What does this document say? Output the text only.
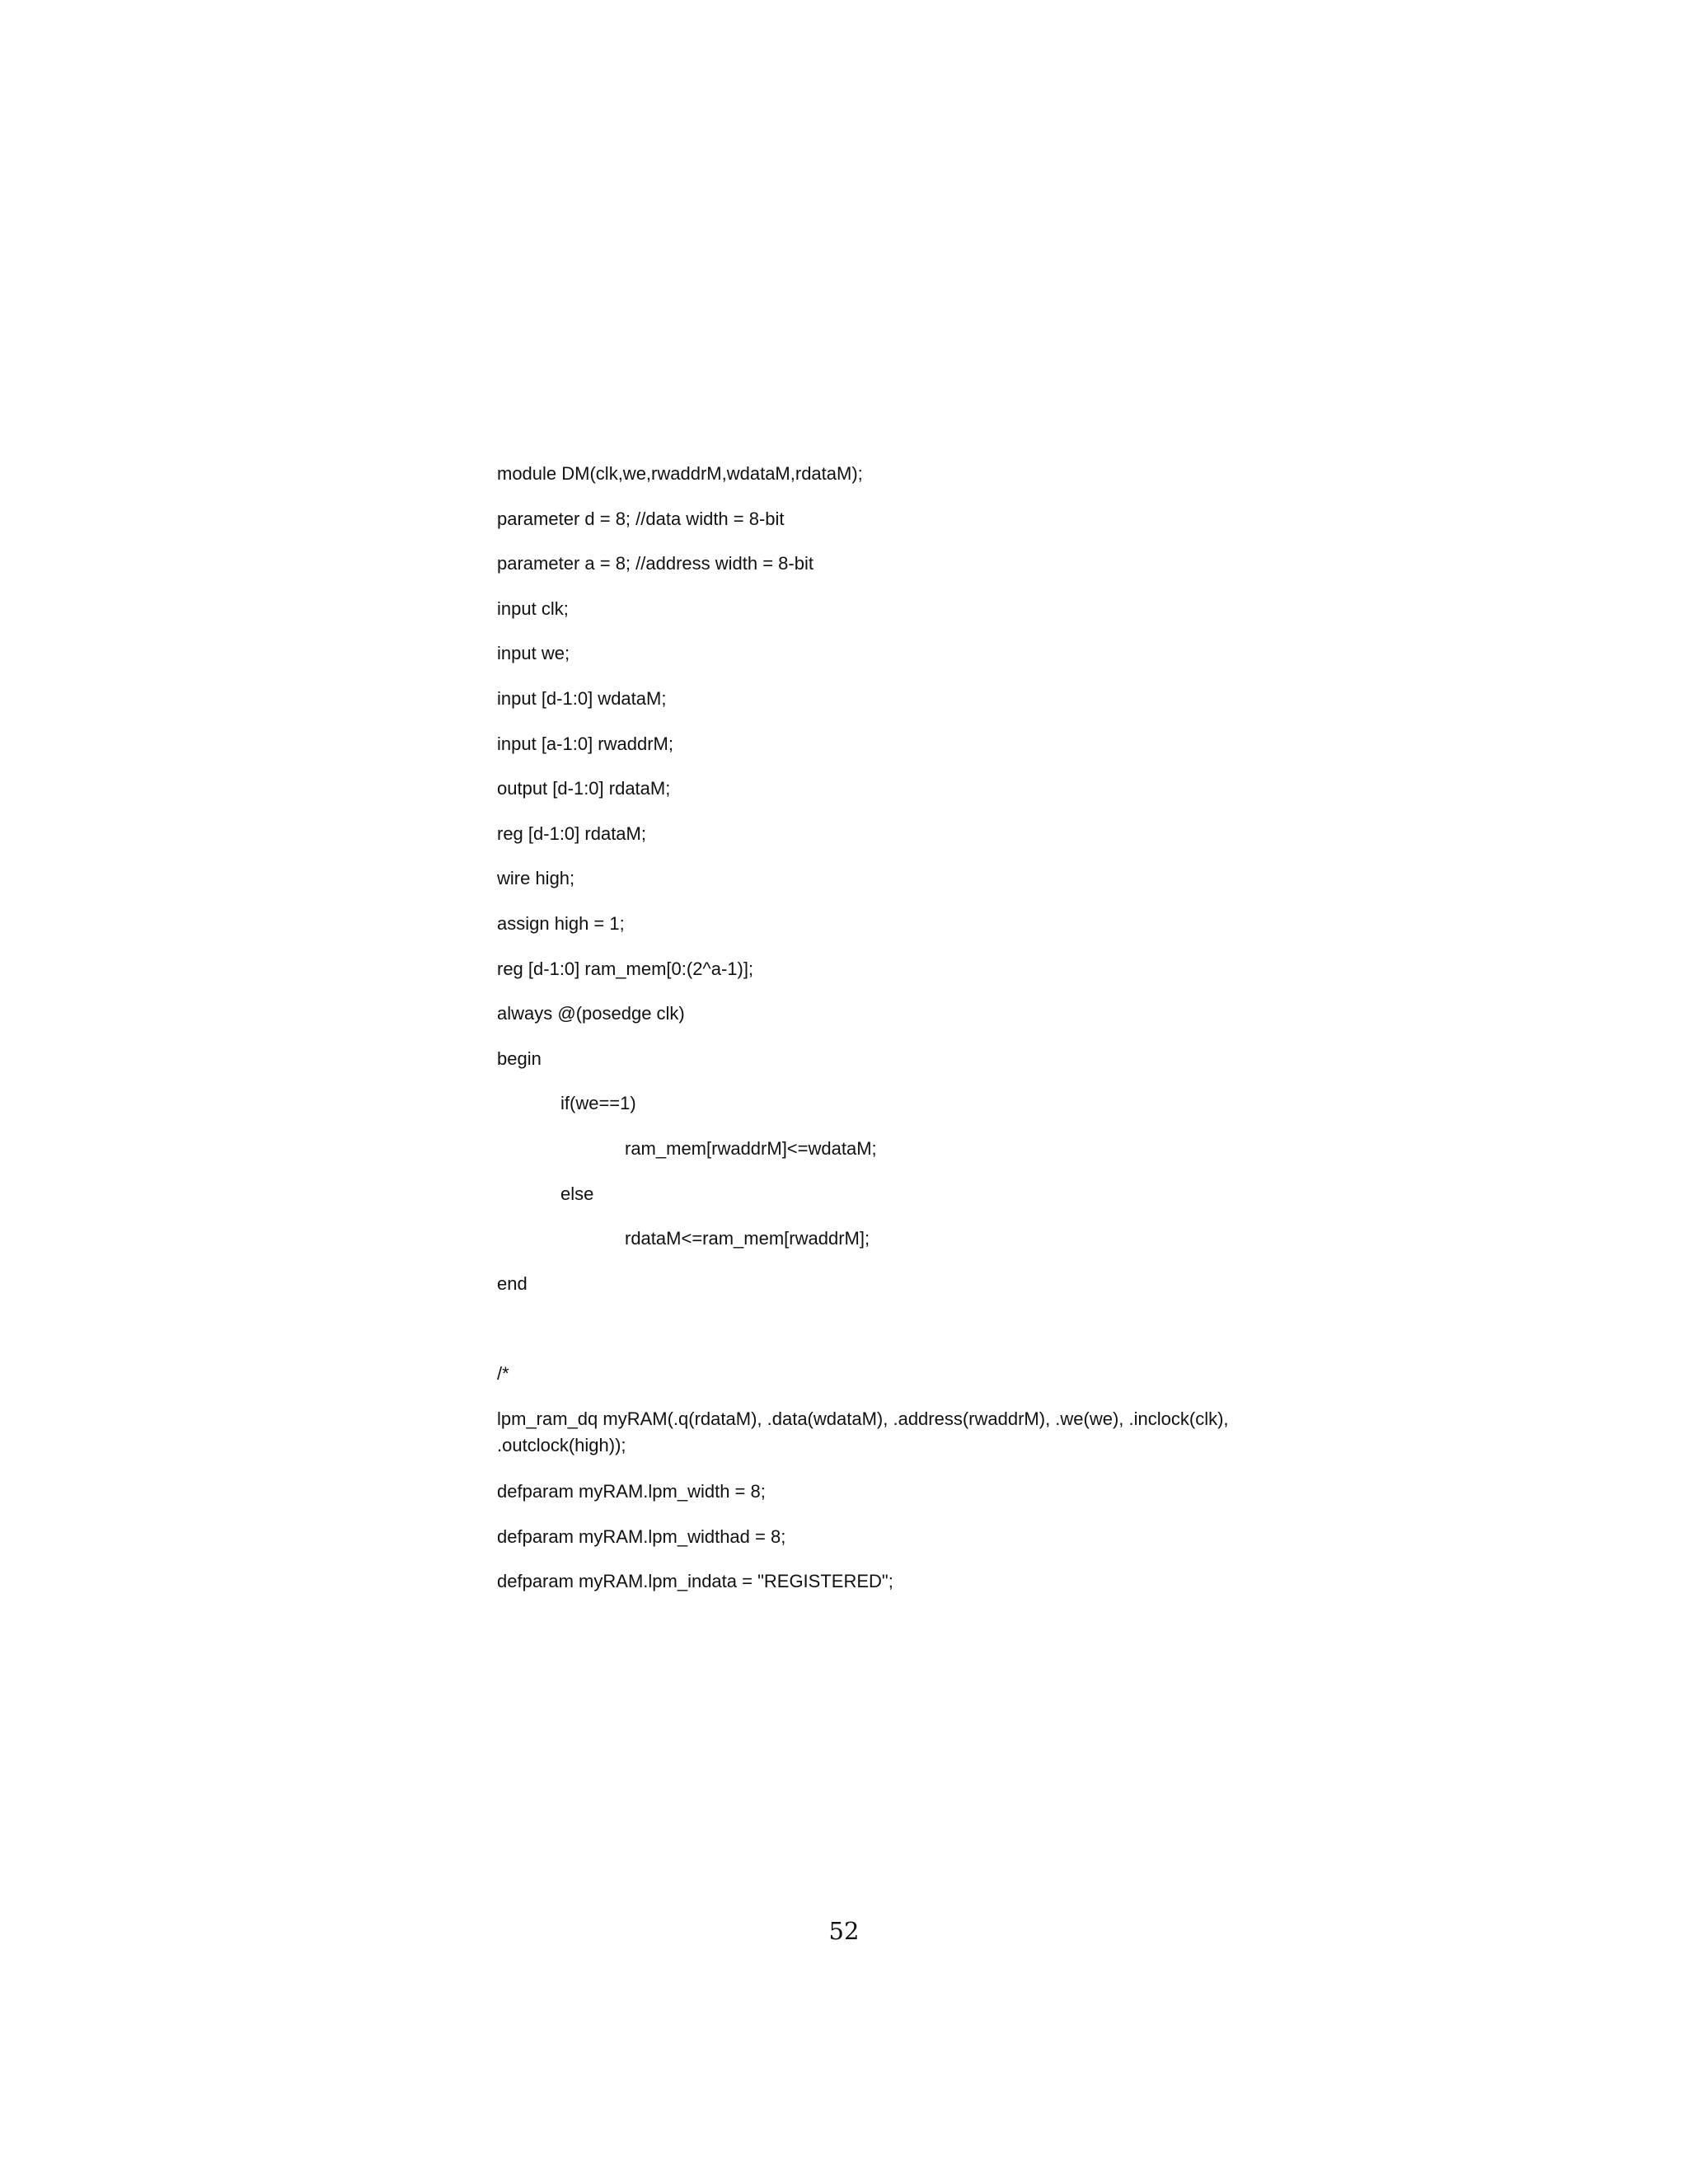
module DM(clk,we,rwaddrM,wdataM,rdataM);
parameter d = 8; //data width = 8-bit
parameter a = 8; //address width = 8-bit
input clk;
input we;
input [d-1:0] wdataM;
input [a-1:0] rwaddrM;
output [d-1:0] rdataM;
reg [d-1:0] rdataM;
wire high;
assign high = 1;
reg [d-1:0] ram_mem[0:(2^a-1)];
always @(posedge clk)
begin
if(we==1)
ram_mem[rwaddrM]<=wdataM;
else
rdataM<=ram_mem[rwaddrM];
end
/*
lpm_ram_dq myRAM(.q(rdataM), .data(wdataM), .address(rwaddrM), .we(we), .inclock(clk), .outclock(high));
defparam myRAM.lpm_width = 8;
defparam myRAM.lpm_widthad = 8;
defparam myRAM.lpm_indata = "REGISTERED";
52
